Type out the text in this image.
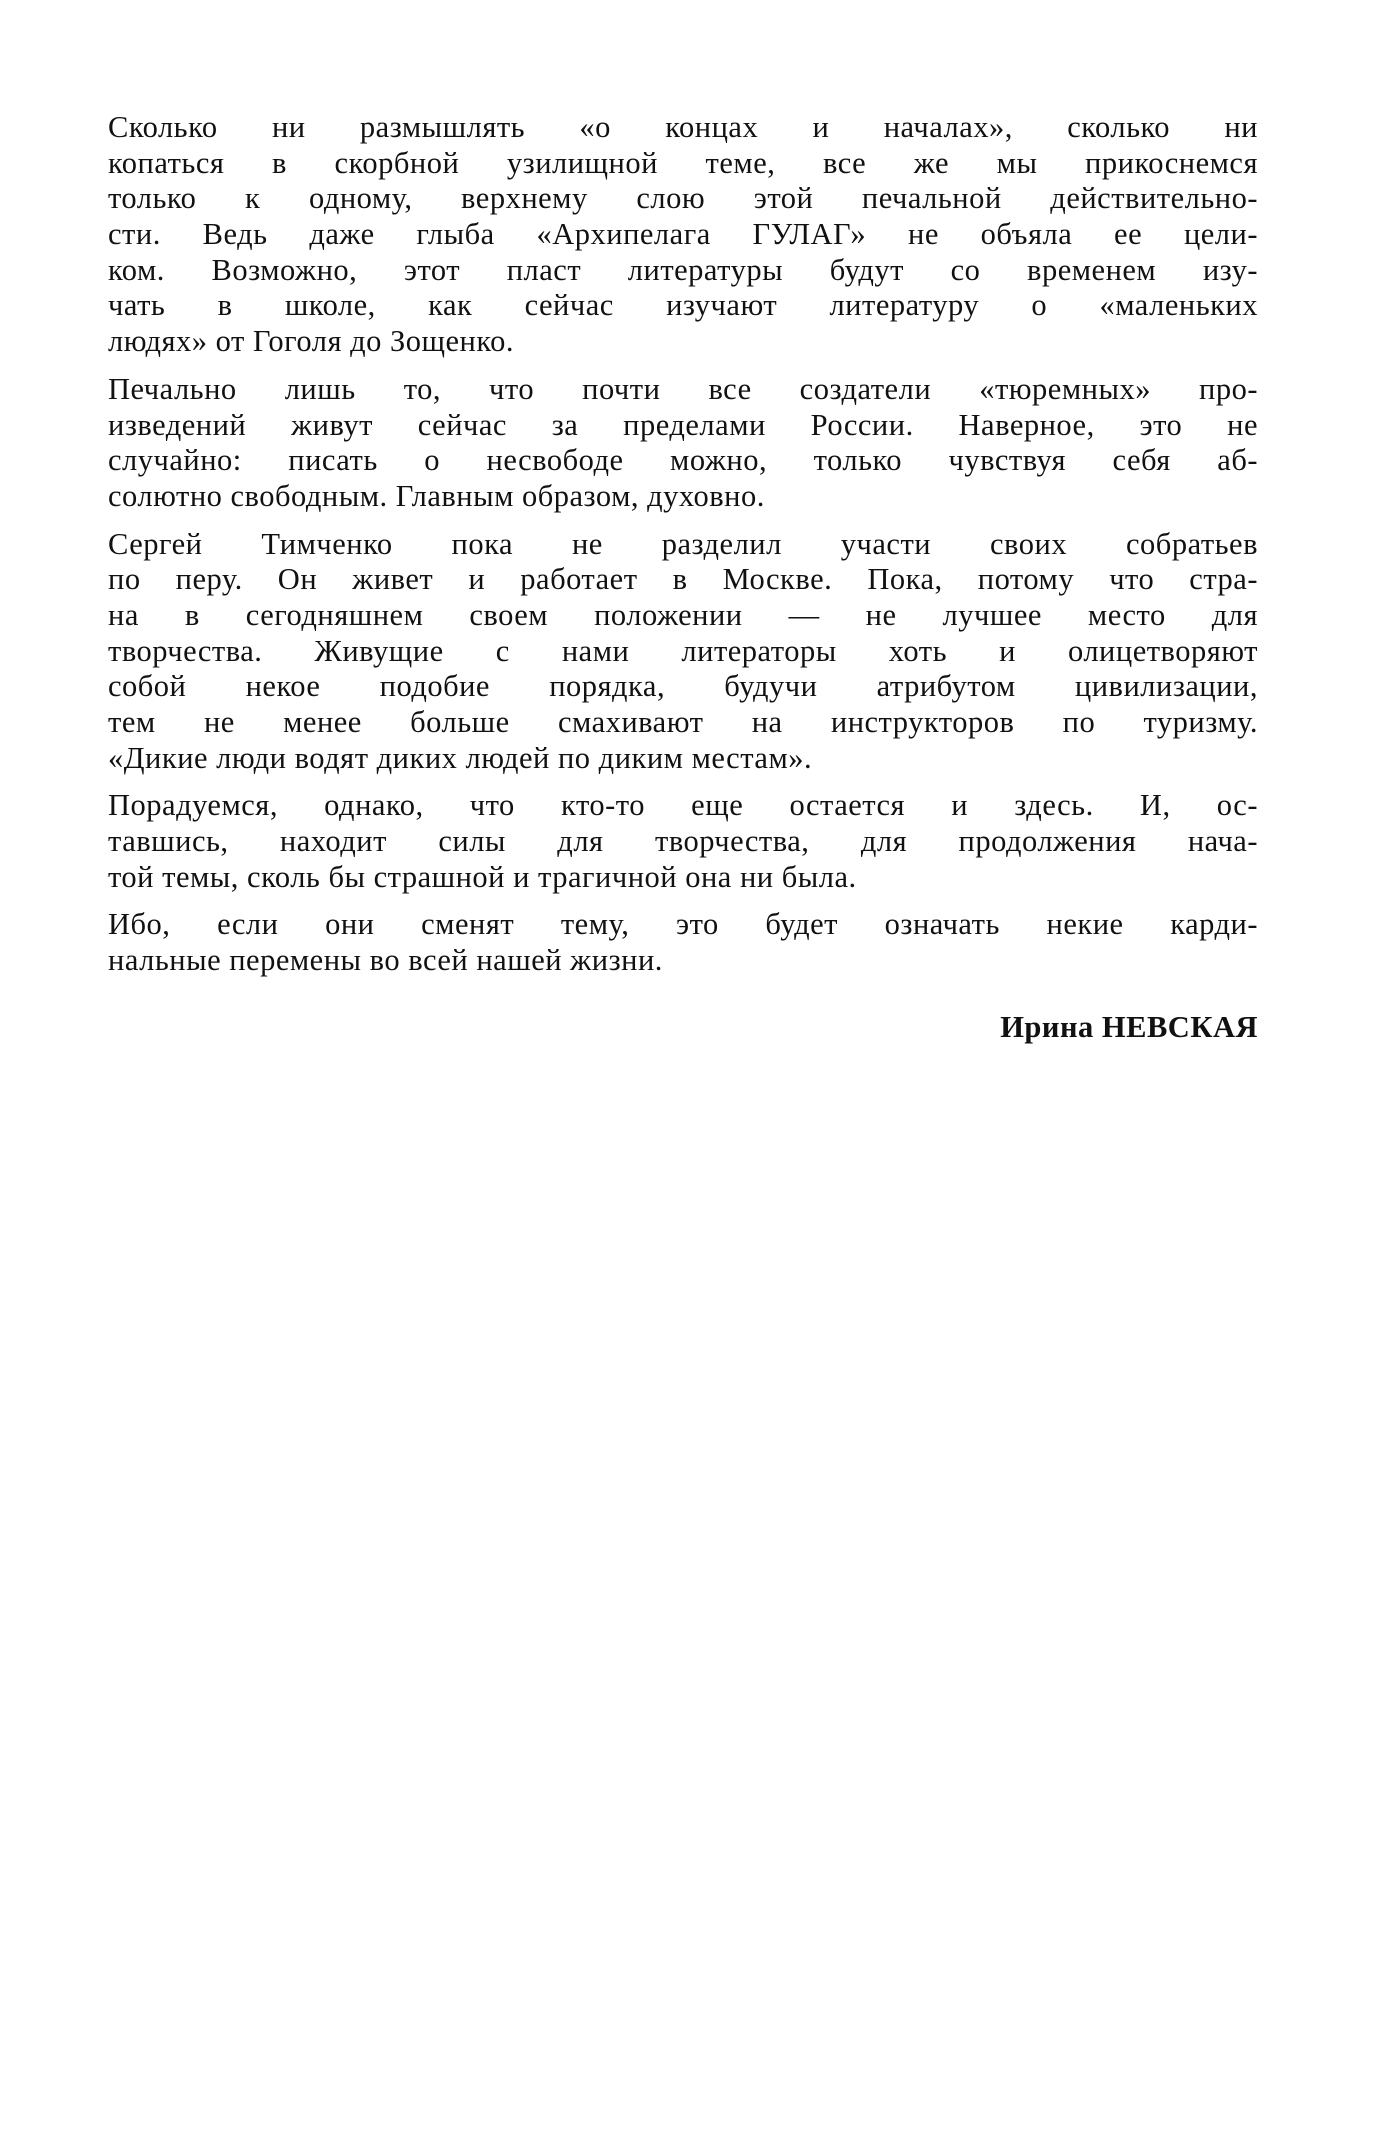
Сколько ни размышлять «о концах и началах», сколько ни
копаться в скорбной узилищной теме, все же мы прикоснемся
только к одному, верхнему слою этой печальной действительно-
сти. Ведь даже глыба «Архипелага ГУЛАГ» не объяла ее цели-
ком. Возможно, этот пласт литературы будут со временем изу-
чать в школе, как сейчас изучают литературу о «маленьких
людях» от Гоголя до Зощенко.

Печально лишь то, что почти все создатели «тюремных» про-
изведений живут сейчас за пределами России. Наверное, это не
случайно: писать о несвободе можно, только чувствуя себя аб-
солютно свободным. Главным образом, духовно.

Сергей Тимченко пока не разделил участи своих собратьев
по перу. Он живет и работает в Москве. Пока, потому что стра-
на в сегодняшнем своем положении — не лучшее место для
творчества. Живущие с нами литераторы хоть и олицетворяют
собой некое подобие порядка, будучи атрибутом цивилизации,
тем не менее больше смахивают на инструкторов по туризму.
«Дикие люди водят диких людей по диким местам».

Порадуемся, однако, что кто-то еще остается и здесь. И, ос-
тавшись, находит силы для творчества, для продолжения нача-
той темы, сколь бы страшной и трагичной она ни была.

Ибо, если они сменят тему, это будет означать некие карди-
нальные перемены во всей нашей жизни.

Ирина НЕВСКАЯ
